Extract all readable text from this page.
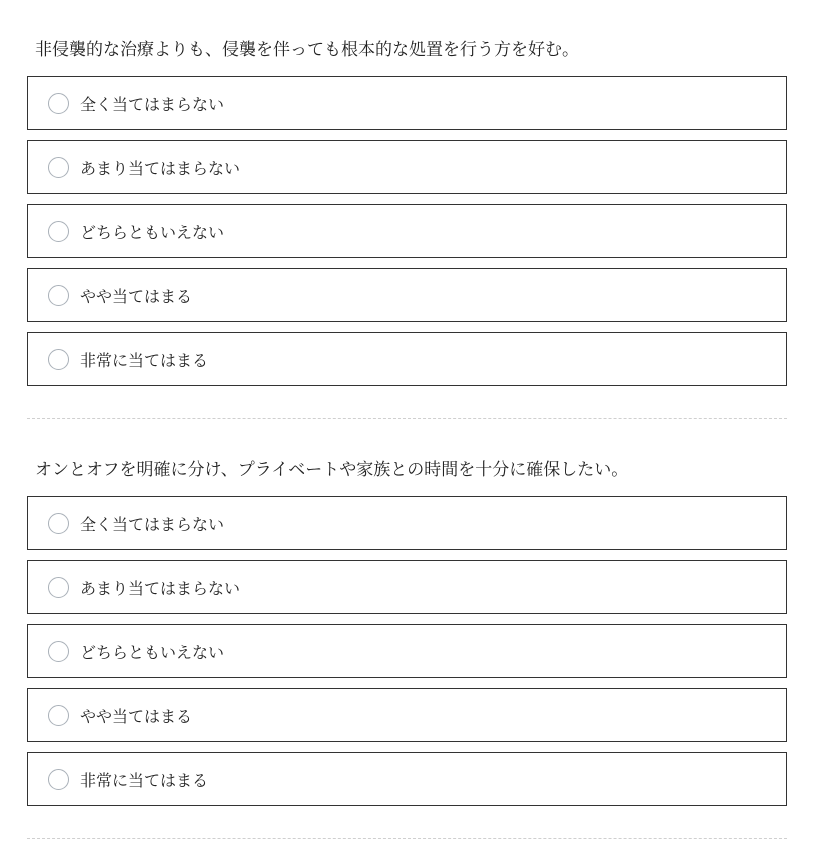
非侵襲的な治療よりも、侵襲を伴っても根本的な処置を行う方を好む。

全く当てはまらない
あまり当てはまらない
どちらともいえない
やや当てはまる
非常に当てはまる

オンとオフを明確に分け、プライベートや家族との時間を十分に確保したい。

全く当てはまらない
あまり当てはまらない
どちらともいえない
やや当てはまる
非常に当てはまる
